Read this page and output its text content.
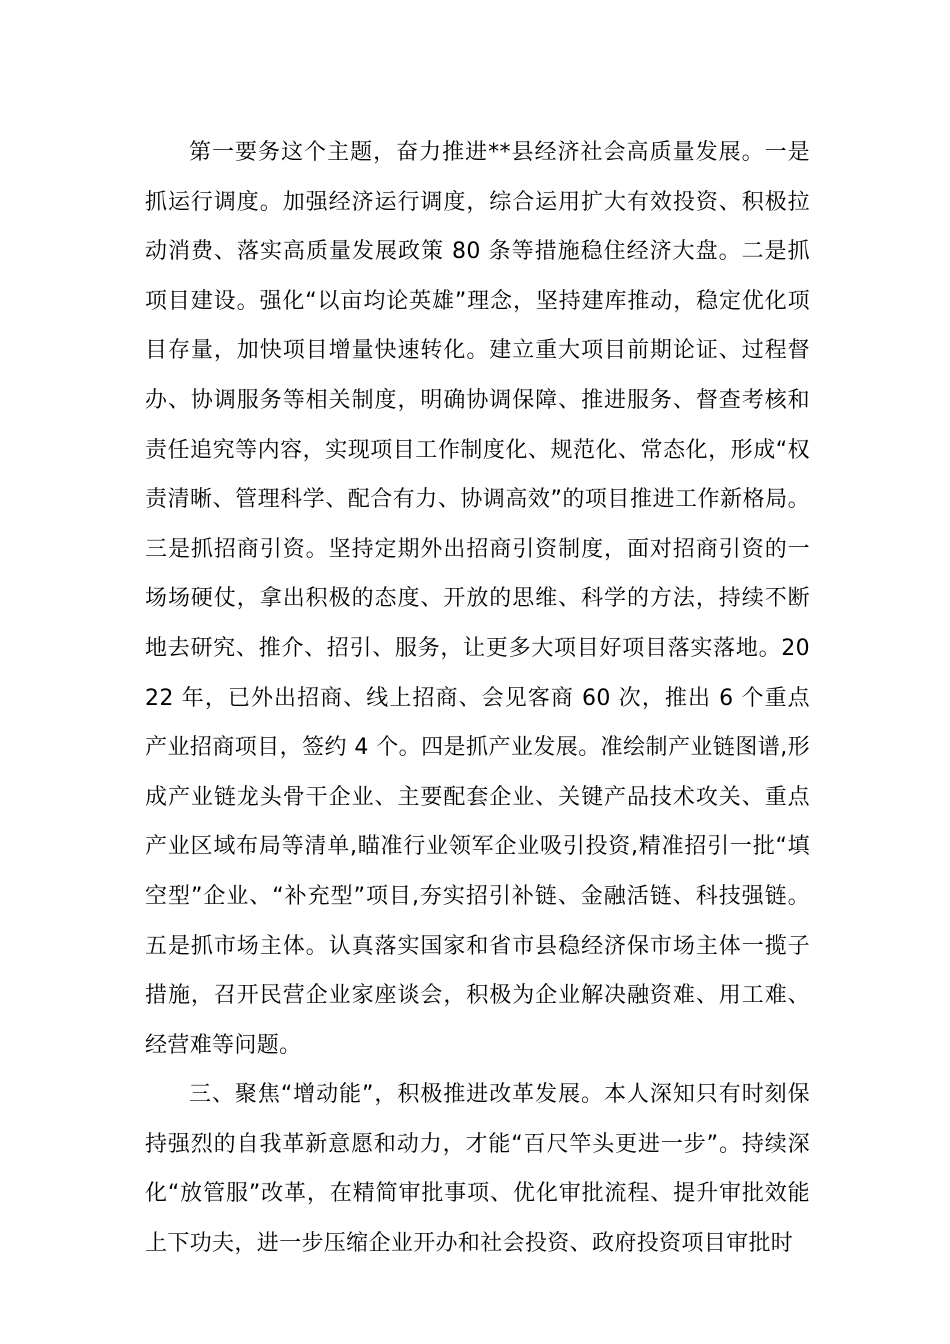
第一要务这个主题，奋力推进**县经济社会高质量发展。一是抓运行调度。加强经济运行调度，综合运用扩大有效投资、积极拉动消费、落实高质量发展政策 80 条等措施稳住经济大盘。二是抓项目建设。强化“以亩均论英雄”理念，坚持建库推动，稳定优化项目存量，加快项目增量快速转化。建立重大项目前期论证、过程督办、协调服务等相关制度，明确协调保障、推进服务、督查考核和责任追究等内容，实现项目工作制度化、规范化、常态化，形成“权责清晰、管理科学、配合有力、协调高效”的项目推进工作新格局。三是抓招商引资。坚持定期外出招商引资制度，面对招商引资的一场场硬仗，拿出积极的态度、开放的思维、科学的方法，持续不断地去研究、推介、招引、服务，让更多大项目好项目落实落地。2022 年，已外出招商、线上招商、会见客商 60 次，推出 6 个重点产业招商项目，签约 4 个。四是抓产业发展。准绘制产业链图谱,形成产业链龙头骨干企业、主要配套企业、关键产品技术攻关、重点产业区域布局等清单,瞄准行业领军企业吸引投资,精准招引一批“填空型”企业、“补充型”项目,夯实招引补链、金融活链、科技强链。五是抓市场主体。认真落实国家和省市县稳经济保市场主体一揽子措施，召开民营企业家座谈会，积极为企业解决融资难、用工难、经营难等问题。

三、聚焦“增动能”，积极推进改革发展。本人深知只有时刻保持强烈的自我革新意愿和动力，才能“百尺竿头更进一步”。持续深化“放管服”改革，在精简审批事项、优化审批流程、提升审批效能上下功夫，进一步压缩企业开办和社会投资、政府投资项目审批时
